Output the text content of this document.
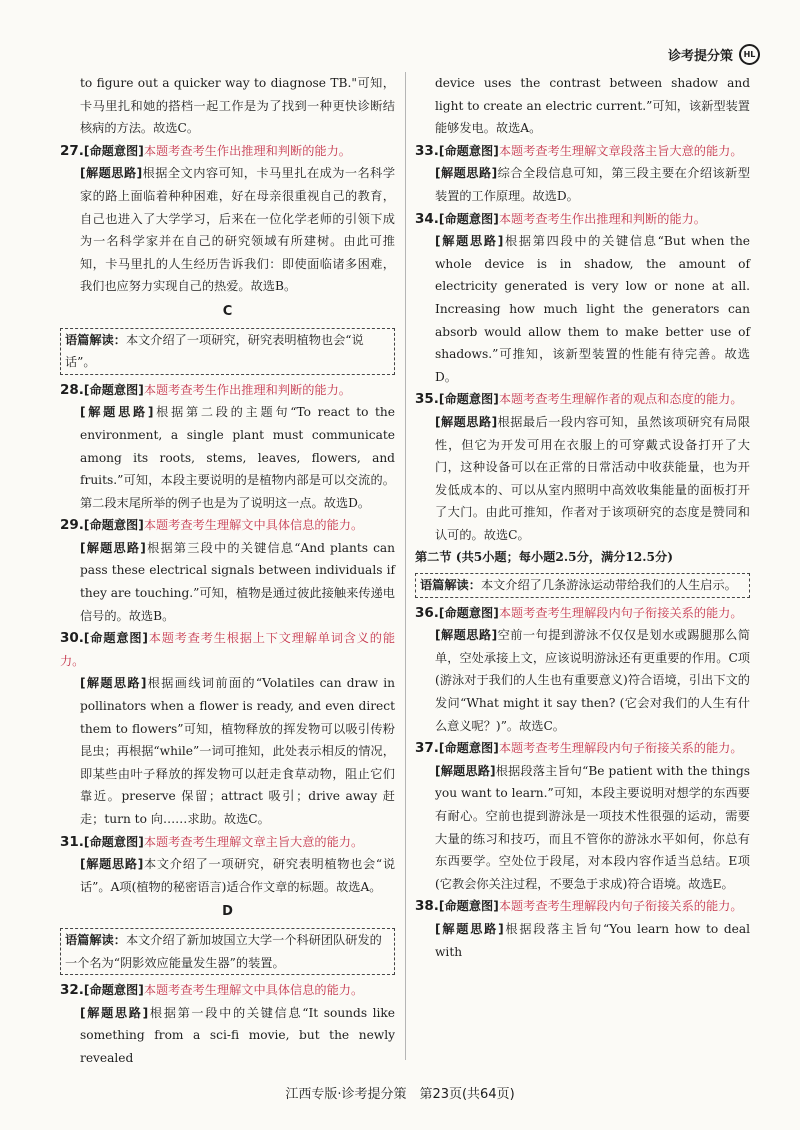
诊考提分策	HL

to figure out a quicker way to diagnose TB."可知，卡马里扎和她的搭档一起工作是为了找到一种更快诊断结核病的方法。故选C。

27.[命题意图]本题考查考生作出推理和判断的能力。

[解题思路]根据全文内容可知，卡马里扎在成为一名科学家的路上面临着种种困难，好在母亲很重视自己的教育，自己也进入了大学学习，后来在一位化学老师的引领下成为一名科学家并在自己的研究领域有所建树。由此可推知，卡马里扎的人生经历告诉我们：即使面临诸多困难，我们也应努力实现自己的热爱。故选B。

C
语篇解读：本文介绍了一项研究，研究表明植物也会“说话”。

28.[命题意图]本题考查考生作出推理和判断的能力。

[解题思路]根据第二段的主题句“To react to the environment, a single plant must communicate among its roots, stems, leaves, flowers, and fruits.”可知，本段主要说明的是植物内部是可以交流的。第二段末尾所举的例子也是为了说明这一点。故选D。

29.[命题意图]本题考查考生理解文中具体信息的能力。

[解题思路]根据第三段中的关键信息“And plants can pass these electrical signals between individuals if they are touching.”可知，植物是通过彼此接触来传递电信号的。故选B。

30.[命题意图]本题考查考生根据上下文理解单词含义的能力。

[解题思路]根据画线词前面的“Volatiles can draw in pollinators when a flower is ready, and even direct them to flowers”可知，植物释放的挥发物可以吸引传粉昆虫；再根据“while”一词可推知，此处表示相反的情况，即某些由叶子释放的挥发物可以赶走食草动物，阻止它们靠近。preserve 保留；attract 吸引；drive away 赶走；turn to 向……求助。故选C。

31.[命题意图]本题考查考生理解文章主旨大意的能力。

[解题思路]本文介绍了一项研究，研究表明植物也会“说话”。A项(植物的秘密语言)适合作文章的标题。故选A。

D
语篇解读：本文介绍了新加坡国立大学一个科研团队研发的一个名为“阴影效应能量发生器”的装置。

32.[命题意图]本题考查考生理解文中具体信息的能力。

[解题思路]根据第一段中的关键信息“It sounds like something from a sci-fi movie, but the newly revealed

device uses the contrast between shadow and light to create an electric current.”可知，该新型装置能够发电。故选A。

33.[命题意图]本题考查考生理解文章段落主旨大意的能力。

[解题思路]综合全段信息可知，第三段主要在介绍该新型装置的工作原理。故选D。

34.[命题意图]本题考查考生作出推理和判断的能力。

[解题思路]根据第四段中的关键信息“But when the whole device is in shadow, the amount of electricity generated is very low or none at all. Increasing how much light the generators can absorb would allow them to make better use of shadows.”可推知，该新型装置的性能有待完善。故选D。

35.[命题意图]本题考查考生理解作者的观点和态度的能力。

[解题思路]根据最后一段内容可知，虽然该项研究有局限性，但它为开发可用在衣服上的可穿戴式设备打开了大门，这种设备可以在正常的日常活动中收获能量，也为开发低成本的、可以从室内照明中高效收集能量的面板打开了大门。由此可推知，作者对于该项研究的态度是赞同和认可的。故选C。

第二节 (共5小题；每小题2.5分，满分12.5分)

语篇解读：本文介绍了几条游泳运动带给我们的人生启示。

36.[命题意图]本题考查考生理解段内句子衔接关系的能力。

[解题思路]空前一句提到游泳不仅仅是划水或踢腿那么简单，空处承接上文，应该说明游泳还有更重要的作用。C项(游泳对于我们的人生也有重要意义)符合语境，引出下文的发问“What might it say then? (它会对我们的人生有什么意义呢？)”。故选C。

37.[命题意图]本题考查考生理解段内句子衔接关系的能力。

[解题思路]根据段落主旨句“Be patient with the things you want to learn.”可知，本段主要说明对想学的东西要有耐心。空前也提到游泳是一项技术性很强的运动，需要大量的练习和技巧，而且不管你的游泳水平如何，你总有东西要学。空处位于段尾，对本段内容作适当总结。E项(它教会你关注过程，不要急于求成)符合语境。故选E。

38.[命题意图]本题考查考生理解段内句子衔接关系的能力。

[解题思路]根据段落主旨句“You learn how to deal with

江西专版·诊考提分策　第23页(共64页)
